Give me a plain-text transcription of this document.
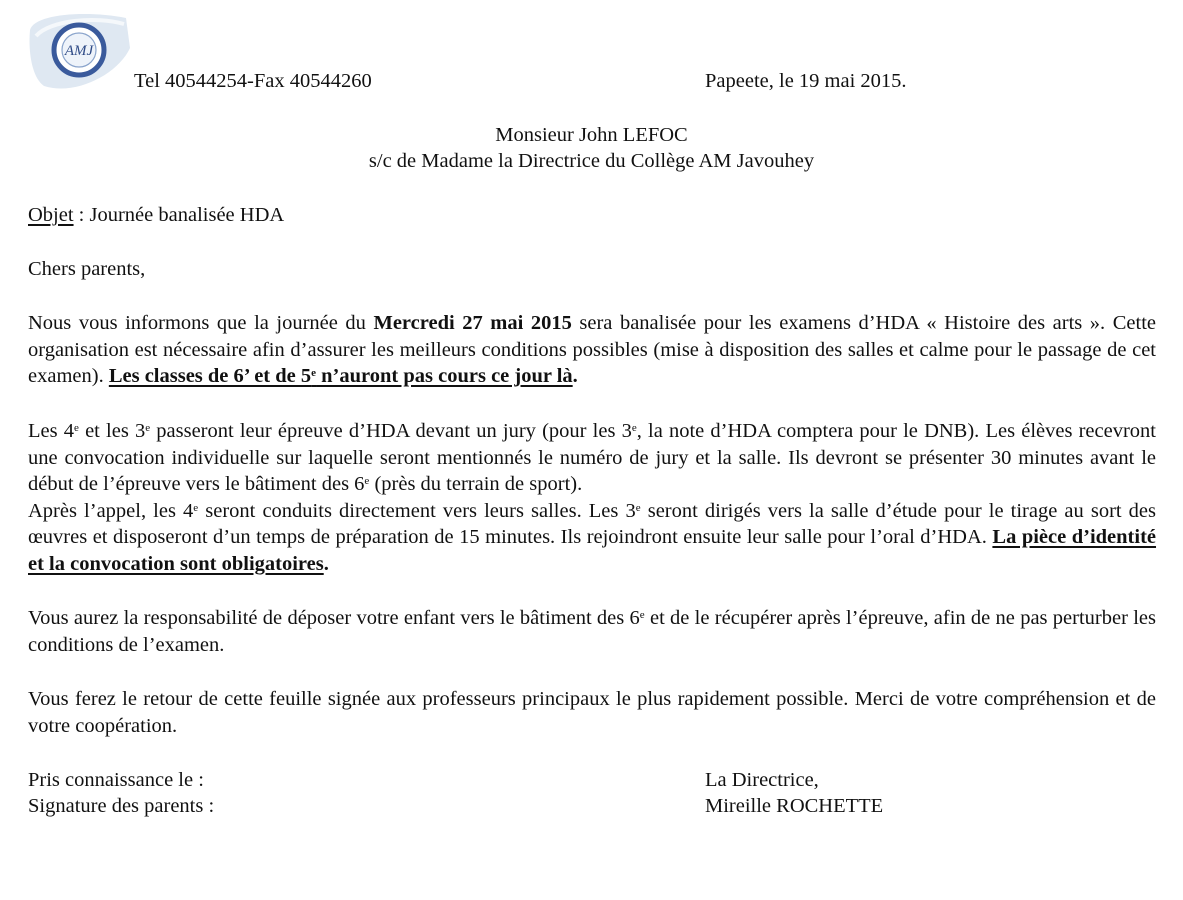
AMJ
Tel 40544254-Fax 40544260	Papeete, le 19 mai 2015.
Monsieur John LEFOC
s/c de Madame la Directrice du Collège AM Javouhey
Objet : Journée banalisée HDA
Chers parents,
Nous vous informons que la journée du Mercredi 27 mai 2015 sera banalisée pour les examens d’HDA « Histoire des arts ». Cette organisation est nécessaire afin d’assurer les meilleurs conditions possibles (mise à disposition des salles et calme pour le passage de cet examen). Les classes de 6’ et de 5e n’auront pas cours ce jour là.
Les 4e et les 3e passeront leur épreuve d’HDA devant un jury (pour les 3e, la note d’HDA comptera pour le DNB). Les élèves recevront une convocation individuelle sur laquelle seront mentionnés le numéro de jury et la salle. Ils devront se présenter 30 minutes avant le début de l’épreuve vers le bâtiment des 6e (près du terrain de sport).
Après l’appel, les 4e seront conduits directement vers leurs salles. Les 3e seront dirigés vers la salle d’étude pour le tirage au sort des œuvres et disposeront d’un temps de préparation de 15 minutes. Ils rejoindront ensuite leur salle pour l’oral d’HDA. La pièce d’identité et la convocation sont obligatoires.
Vous aurez la responsabilité de déposer votre enfant vers le bâtiment des 6e et de le récupérer après l’épreuve, afin de ne pas perturber les conditions de l’examen.
Vous ferez le retour de cette feuille signée aux professeurs principaux le plus rapidement possible. Merci de votre compréhension et de votre coopération.
Pris connaissance le :
Signature des parents :
La Directrice,
Mireille ROCHETTE
